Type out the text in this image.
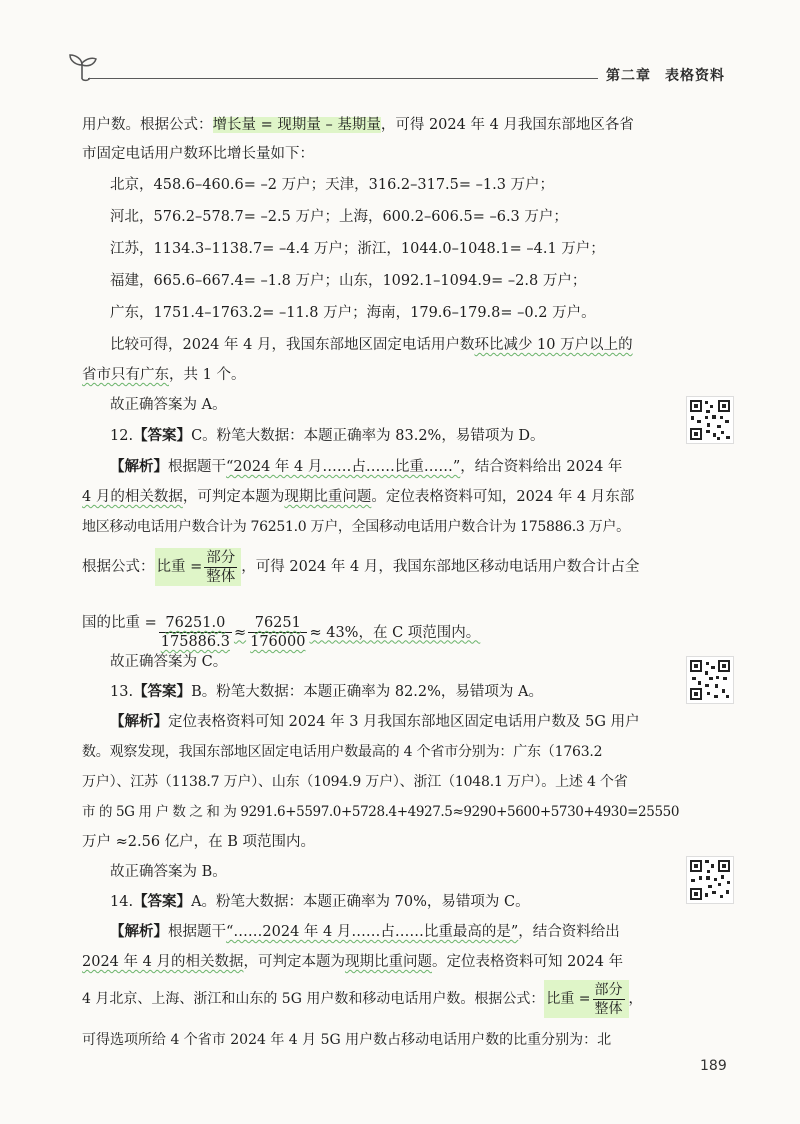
第二章 表格资料
用户数。根据公式：增长量 = 现期量 – 基期量，可得 2024 年 4 月我国东部地区各省
市固定电话用户数环比增长量如下：
北京，458.6–460.6= –2 万户；天津，316.2–317.5= –1.3 万户；
河北，576.2–578.7= –2.5 万户；上海，600.2–606.5= –6.3 万户；
江苏，1134.3–1138.7= –4.4 万户；浙江，1044.0–1048.1= –4.1 万户；
福建，665.6–667.4= –1.8 万户；山东，1092.1–1094.9= –2.8 万户；
广东，1751.4–1763.2= –11.8 万户；海南，179.6–179.8= –0.2 万户。
比较可得，2024 年 4 月，我国东部地区固定电话用户数环比减少 10 万户以上的
省市只有广东，共 1 个。
故正确答案为 A。
12.【答案】C。粉笔大数据：本题正确率为 83.2%，易错项为 D。
【解析】根据题干“2024 年 4 月……占……比重……”，结合资料给出 2024 年
4 月的相关数据，可判定本题为现期比重问题。定位表格资料可知，2024 年 4 月东部
地区移动电话用户数合计为 76251.0 万户，全国移动电话用户数合计为 175886.3 万户。
根据公式： 比重 = $\frac{\text{部分}}{\text{整体}}$ ，可得 2024 年 4 月，我国东部地区移动电话用户数合计占全
国的比重 = $\frac{76251.0}{175886.3} \approx \frac{76251}{176000} \approx 43\%$，在 C 项范围内。
故正确答案为 C。
13.【答案】B。粉笔大数据：本题正确率为 82.2%，易错项为 A。
【解析】定位表格资料可知 2024 年 3 月我国东部地区固定电话用户数及 5G 用户
数。观察发现，我国东部地区固定电话用户数最高的 4 个省市分别为：广东（1763.2
万户）、江苏（1138.7 万户）、山东（1094.9 万户）、浙江（1048.1 万户）。上述 4 个省
市 的 5G 用 户 数 之 和 为 9291.6+5597.0+5728.4+4927.5≈9290+5600+5730+4930=25550
万户 ≈2.56 亿户，在 B 项范围内。
故正确答案为 B。
14.【答案】A。粉笔大数据：本题正确率为 70%，易错项为 C。
【解析】根据题干“……2024 年 4 月……占……比重最高的是”，结合资料给出
2024 年 4 月的相关数据，可判定本题为现期比重问题。定位表格资料可知 2024 年
4 月北京、上海、浙江和山东的 5G 用户数和移动电话用户数。根据公式： 比重 = $\frac{\text{部分}}{\text{整体}}$ ，
可得选项所给 4 个省市 2024 年 4 月 5G 用户数占移动电话用户数的比重分别为：北
189
